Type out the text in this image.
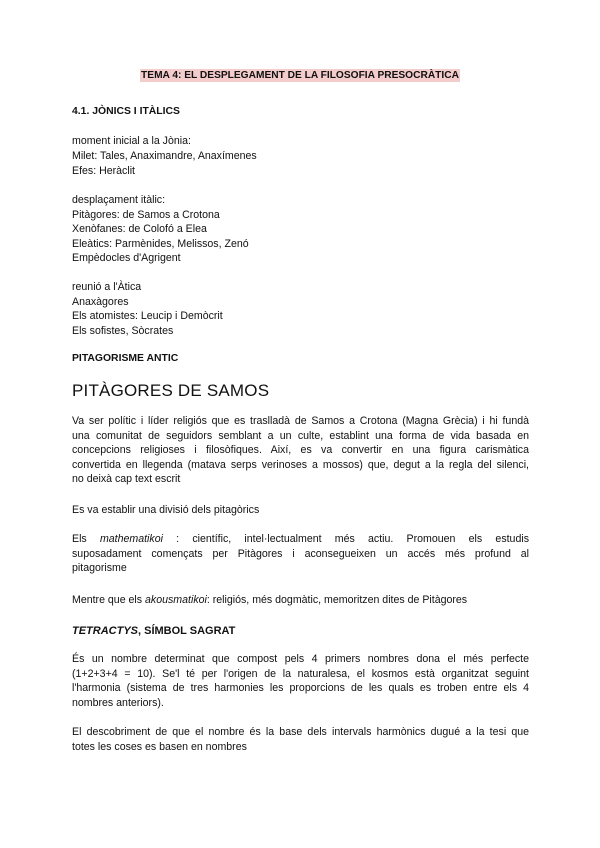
TEMA 4: EL DESPLEGAMENT DE LA FILOSOFIA PRESOCRÀTICA

4.1. JÒNICS I ITÀLICS

moment inicial a la Jònia:

Milet: Tales, Anaximandre, Anaxímenes

Efes: Heràclit

desplaçament itàlic:

Pitàgores: de Samos a Crotona

Xenòfanes: de Colofó a Elea

Eleàtics: Parmènides, Melissos, Zenó

Empèdocles d'Agrigent

reunió a l'Àtica

Anaxàgores

Els atomistes: Leucip i Demòcrit

Els sofistes, Sòcrates

PITAGORISME ANTIC

PITÀGORES DE SAMOS

Va ser polític i líder religiós que es traslladà de Samos a Crotona (Magna Grècia) i hi fundà
una comunitat de seguidors semblant a un culte, establint una forma de vida basada en
concepcions religioses i filosòfiques. Així, es va convertir en una figura carismàtica
convertida en llegenda (matava serps verinoses a mossos) que, degut a la regla del silenci,
no deixà cap text escrit

Es va establir una divisió dels pitagòrics

Els mathematikoi : científic, intel·lectualment més actiu. Promouen els estudis
suposadament començats per Pitàgores i aconsegueixen un accés més profund al
pitagorisme

Mentre que els akousmatikoi: religiós, més dogmàtic, memoritzen dites de Pitàgores

TETRACTYS, SÍMBOL SAGRAT

És un nombre determinat que compost pels 4 primers nombres dona el més perfecte
(1+2+3+4 = 10). Se'l té per l'origen de la naturalesa, el kosmos està organitzat seguint
l'harmonia (sistema de tres harmonies les proporcions de les quals es troben entre els 4
nombres anteriors).
El descobriment de que el nombre és la base dels intervals harmònics dugué a la tesi que
totes les coses es basen en nombres
